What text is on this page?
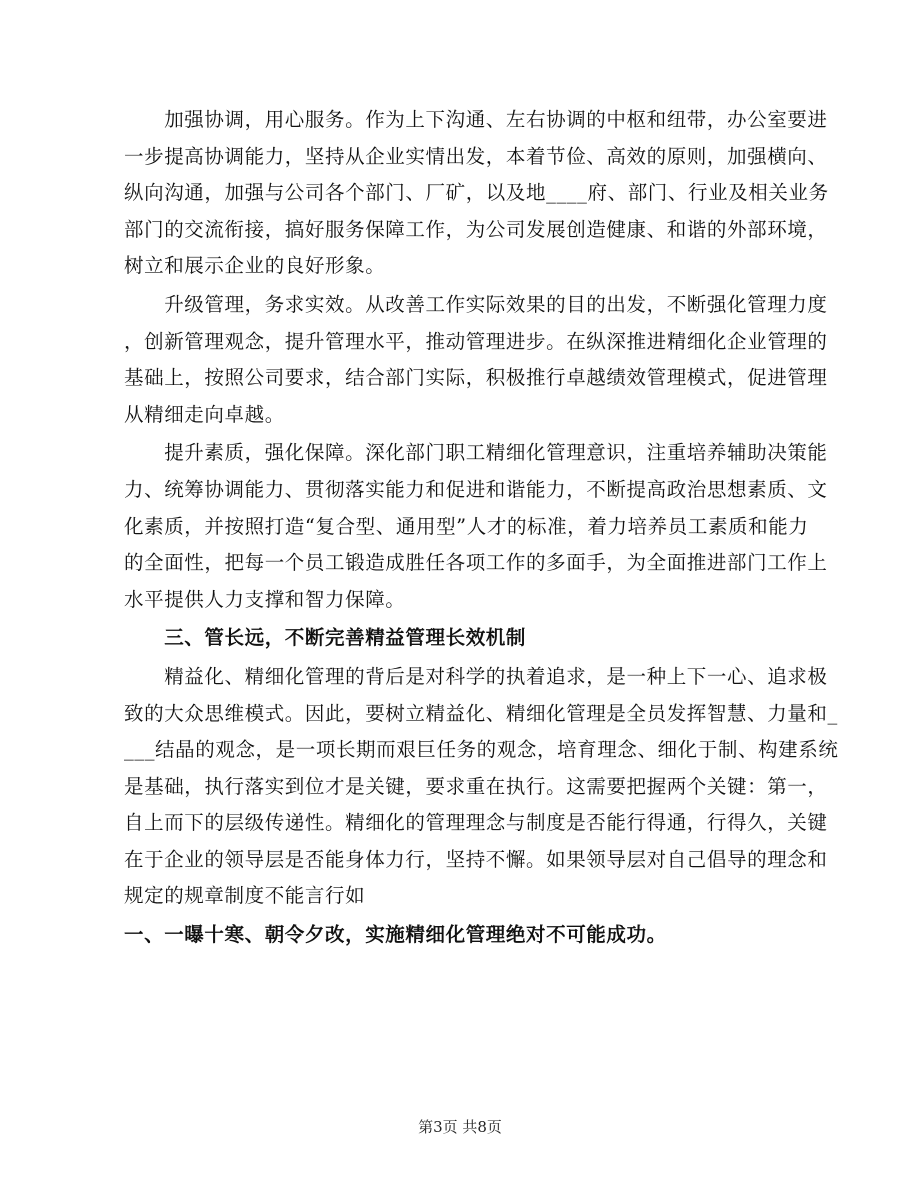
　　加强协调，用心服务。作为上下沟通、左右协调的中枢和纽带，办公室要进
一步提高协调能力，坚持从企业实情出发，本着节俭、高效的原则，加强横向、
纵向沟通，加强与公司各个部门、厂矿，以及地____府、部门、行业及相关业务
部门的交流衔接，搞好服务保障工作，为公司发展创造健康、和谐的外部环境，
树立和展示企业的良好形象。
　　升级管理，务求实效。从改善工作实际效果的目的出发，不断强化管理力度
，创新管理观念，提升管理水平，推动管理进步。在纵深推进精细化企业管理的
基础上，按照公司要求，结合部门实际，积极推行卓越绩效管理模式，促进管理
从精细走向卓越。
　　提升素质，强化保障。深化部门职工精细化管理意识，注重培养辅助决策能
力、统筹协调能力、贯彻落实能力和促进和谐能力，不断提高政治思想素质、文
化素质，并按照打造“复合型、通用型”人才的标准，着力培养员工素质和能力
的全面性，把每一个员工锻造成胜任各项工作的多面手，为全面推进部门工作上
水平提供人力支撑和智力保障。
　　三、管长远，不断完善精益管理长效机制
　　精益化、精细化管理的背后是对科学的执着追求，是一种上下一心、追求极
致的大众思维模式。因此，要树立精益化、精细化管理是全员发挥智慧、力量和_
___结晶的观念，是一项长期而艰巨任务的观念，培育理念、细化于制、构建系统
是基础，执行落实到位才是关键，要求重在执行。这需要把握两个关键：第一，
自上而下的层级传递性。精细化的管理理念与制度是否能行得通，行得久，关键
在于企业的领导层是否能身体力行，坚持不懈。如果领导层对自己倡导的理念和
规定的规章制度不能言行如
一、一曝十寒、朝令夕改，实施精细化管理绝对不可能成功。
第3页 共8页
